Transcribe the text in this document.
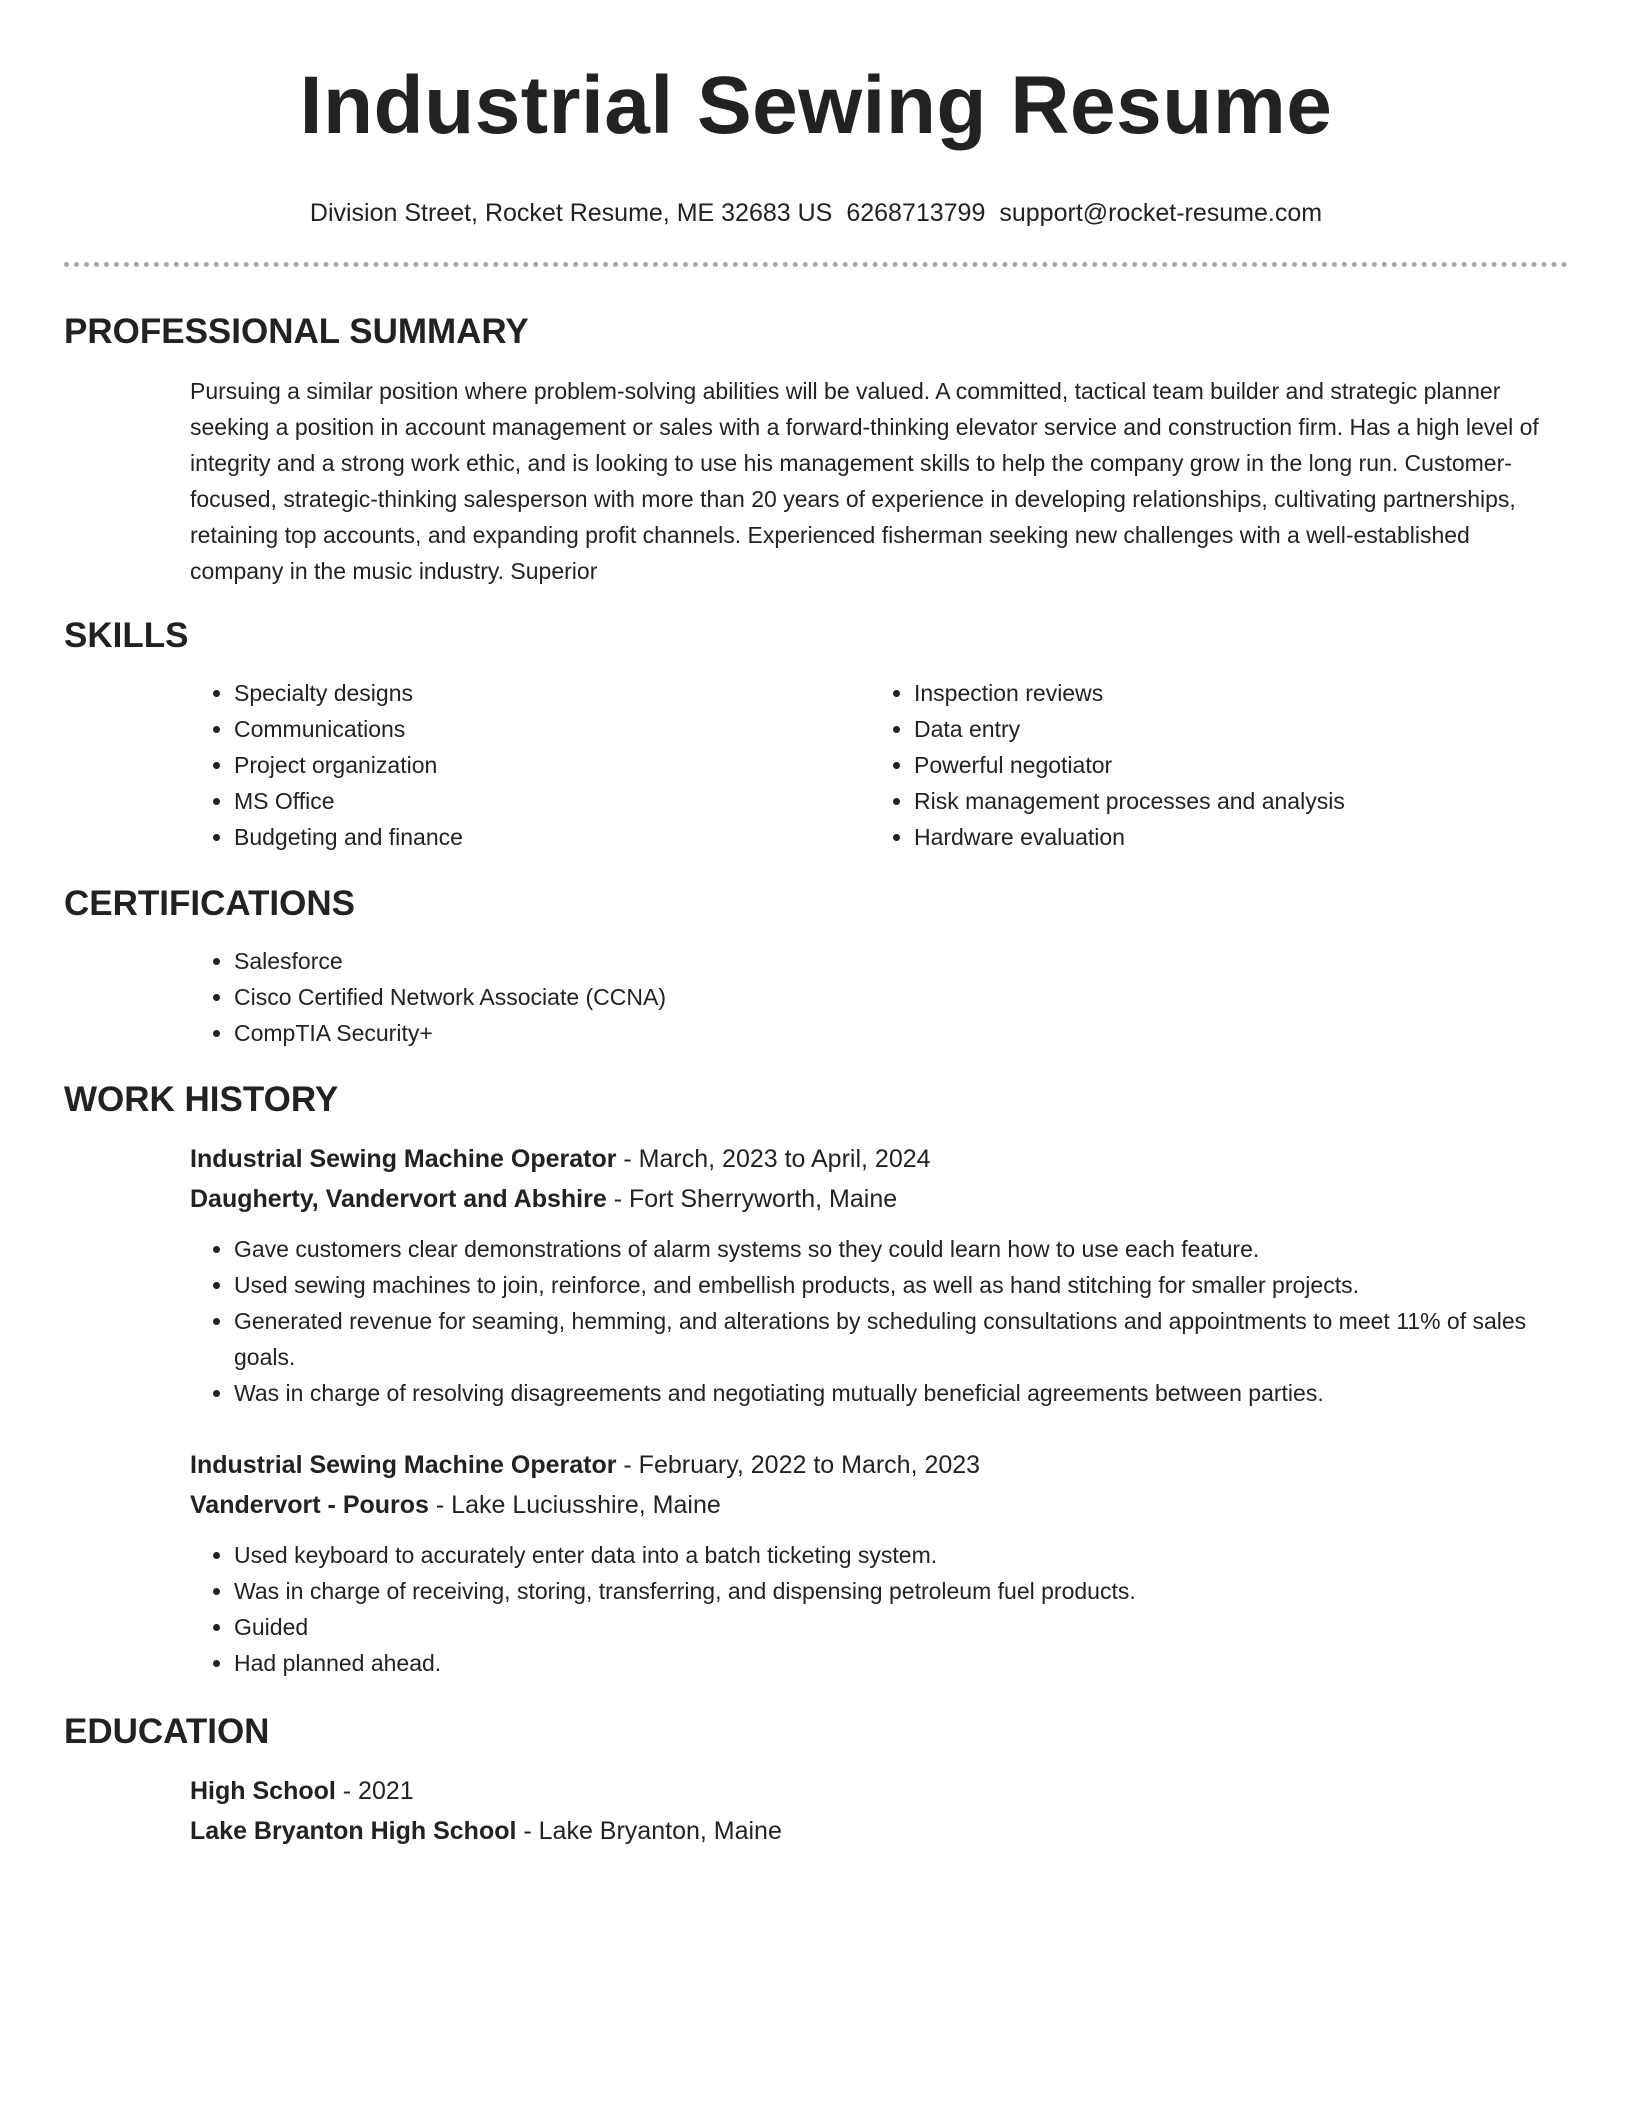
Industrial Sewing Resume
Division Street, Rocket Resume, ME 32683 US 6268713799 support@rocket-resume.com
PROFESSIONAL SUMMARY

Pursuing a similar position where problem-solving abilities will be valued. A committed, tactical team builder and strategic planner seeking a position in account management or sales with a forward-thinking elevator service and construction firm. Has a high level of integrity and a strong work ethic, and is looking to use his management skills to help the company grow in the long run. Customer-focused, strategic-thinking salesperson with more than 20 years of experience in developing relationships, cultivating partnerships, retaining top accounts, and expanding profit channels. Experienced fisherman seeking new challenges with a well-established company in the music industry. Superior

SKILLS
• Specialty designs
• Communications
• Project organization
• MS Office
• Budgeting and finance
• Inspection reviews
• Data entry
• Powerful negotiator
• Risk management processes and analysis
• Hardware evaluation
CERTIFICATIONS
• Salesforce
• Cisco Certified Network Associate (CCNA)
• CompTIA Security+
WORK HISTORY

Industrial Sewing Machine Operator - March, 2023 to April, 2024

Daugherty, Vandervort and Abshire - Fort Sherryworth, Maine

• Gave customers clear demonstrations of alarm systems so they could learn how to use each feature.
• Used sewing machines to join, reinforce, and embellish products, as well as hand stitching for smaller projects.
• Generated revenue for seaming, hemming, and alterations by scheduling consultations and appointments to meet 11% of sales goals.
• Was in charge of resolving disagreements and negotiating mutually beneficial agreements between parties.

Industrial Sewing Machine Operator - February, 2022 to March, 2023

Vandervort - Pouros - Lake Luciusshire, Maine

• Used keyboard to accurately enter data into a batch ticketing system.
• Was in charge of receiving, storing, transferring, and dispensing petroleum fuel products.
• Guided
• Had planned ahead.
EDUCATION

High School - 2021

Lake Bryanton High School - Lake Bryanton, Maine
